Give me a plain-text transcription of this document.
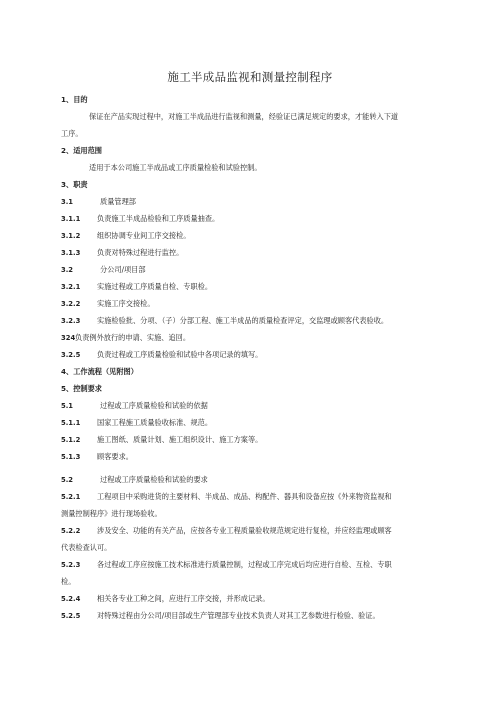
施工半成品监视和测量控制程序
1、目的
保证在产品实现过程中，对施工半成品进行监视和测量，经验证已满足规定的要求，才能转入下道
工序。
2、适用范围
适用于本公司施工半成品或工序质量检验和试验控制。
3、职责
3.1	质量管理部
3.1.1 负责施工半成品检验和工序质量抽查。
3.1.2 组织协调专业间工序交接检。
3.1.3 负责对特殊过程进行监控。
3.2	分公司/项目部
3.2.1 实施过程或工序质量自检、专职检。
3.2.2 实施工序交接检。
3.2.3 实施检验批、分项、（子）分部工程、施工半成品的质量检查评定，交监理或顾客代表验收。
324负责例外放行的申请、实施、追回。
3.2.5 负责过程或工序质量检验和试验中各项记录的填写。
4、工作流程（见附图）
5、控制要求
5.1	过程或工序质量检验和试验的依据
5.1.1 国家工程施工质量验收标准、规范。
5.1.2 施工图纸、质量计划、施工组织设计、施工方案等。
5.1.3 顾客要求。
5.2	过程或工序质量检验和试验的要求
5.2.1 工程项目中采购进货的主要材料、半成品、成品、构配件、器具和设备应按《外来物资监视和
测量控制程序》进行现场验收。
5.2.2 涉及安全、功能的有关产品，应按各专业工程质量验收规范规定进行复检，并应经监理或顾客
代表检查认可。
5.2.3 各过程或工序应按施工技术标准进行质量控制，过程或工序完成后均应进行自检、互检、专职
检。
5.2.4 相关各专业工种之间，应进行工序交接，并形成记录。
5.2.5 对特殊过程由分公司/项目部或生产管理部专业技术负责人对其工艺参数进行检验、验证。
